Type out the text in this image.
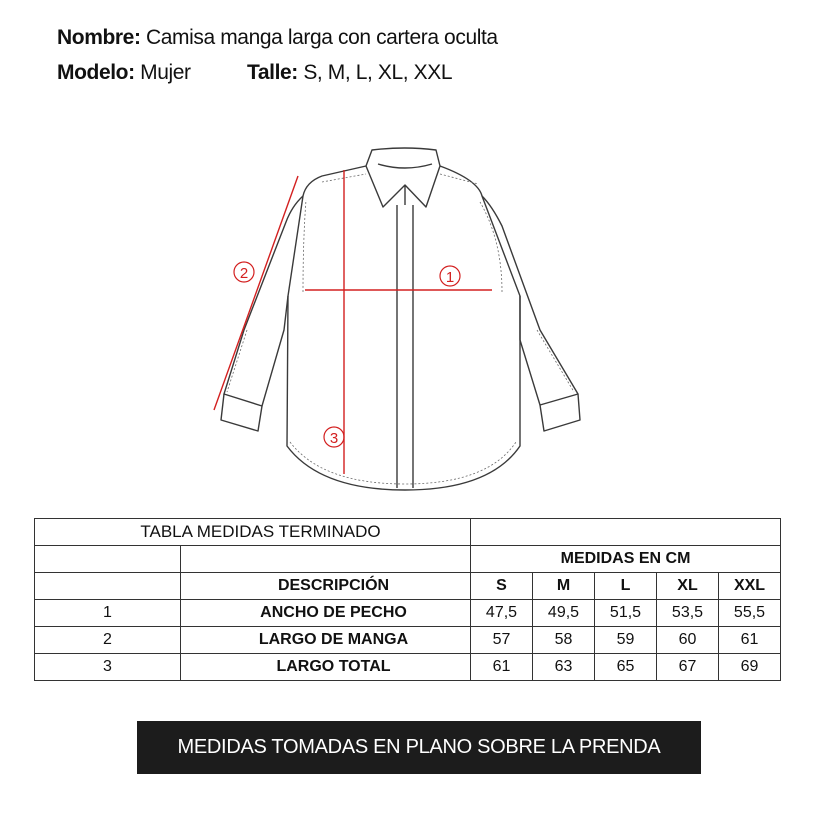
Nombre: Camisa manga larga con cartera oculta
Modelo: Mujer	Talle: S, M, L, XL, XXL
1
2
3
TABLA MEDIDAS TERMINADO						
		MEDIDAS EN CM				
	DESCRIPCIÓN	S	M	L	XL	XXL
1	ANCHO DE PECHO	47,5	49,5	51,5	53,5	55,5
2	LARGO DE MANGA	57	58	59	60	61
3	LARGO TOTAL	61	63	65	67	69
MEDIDAS TOMADAS EN PLANO SOBRE LA PRENDA
